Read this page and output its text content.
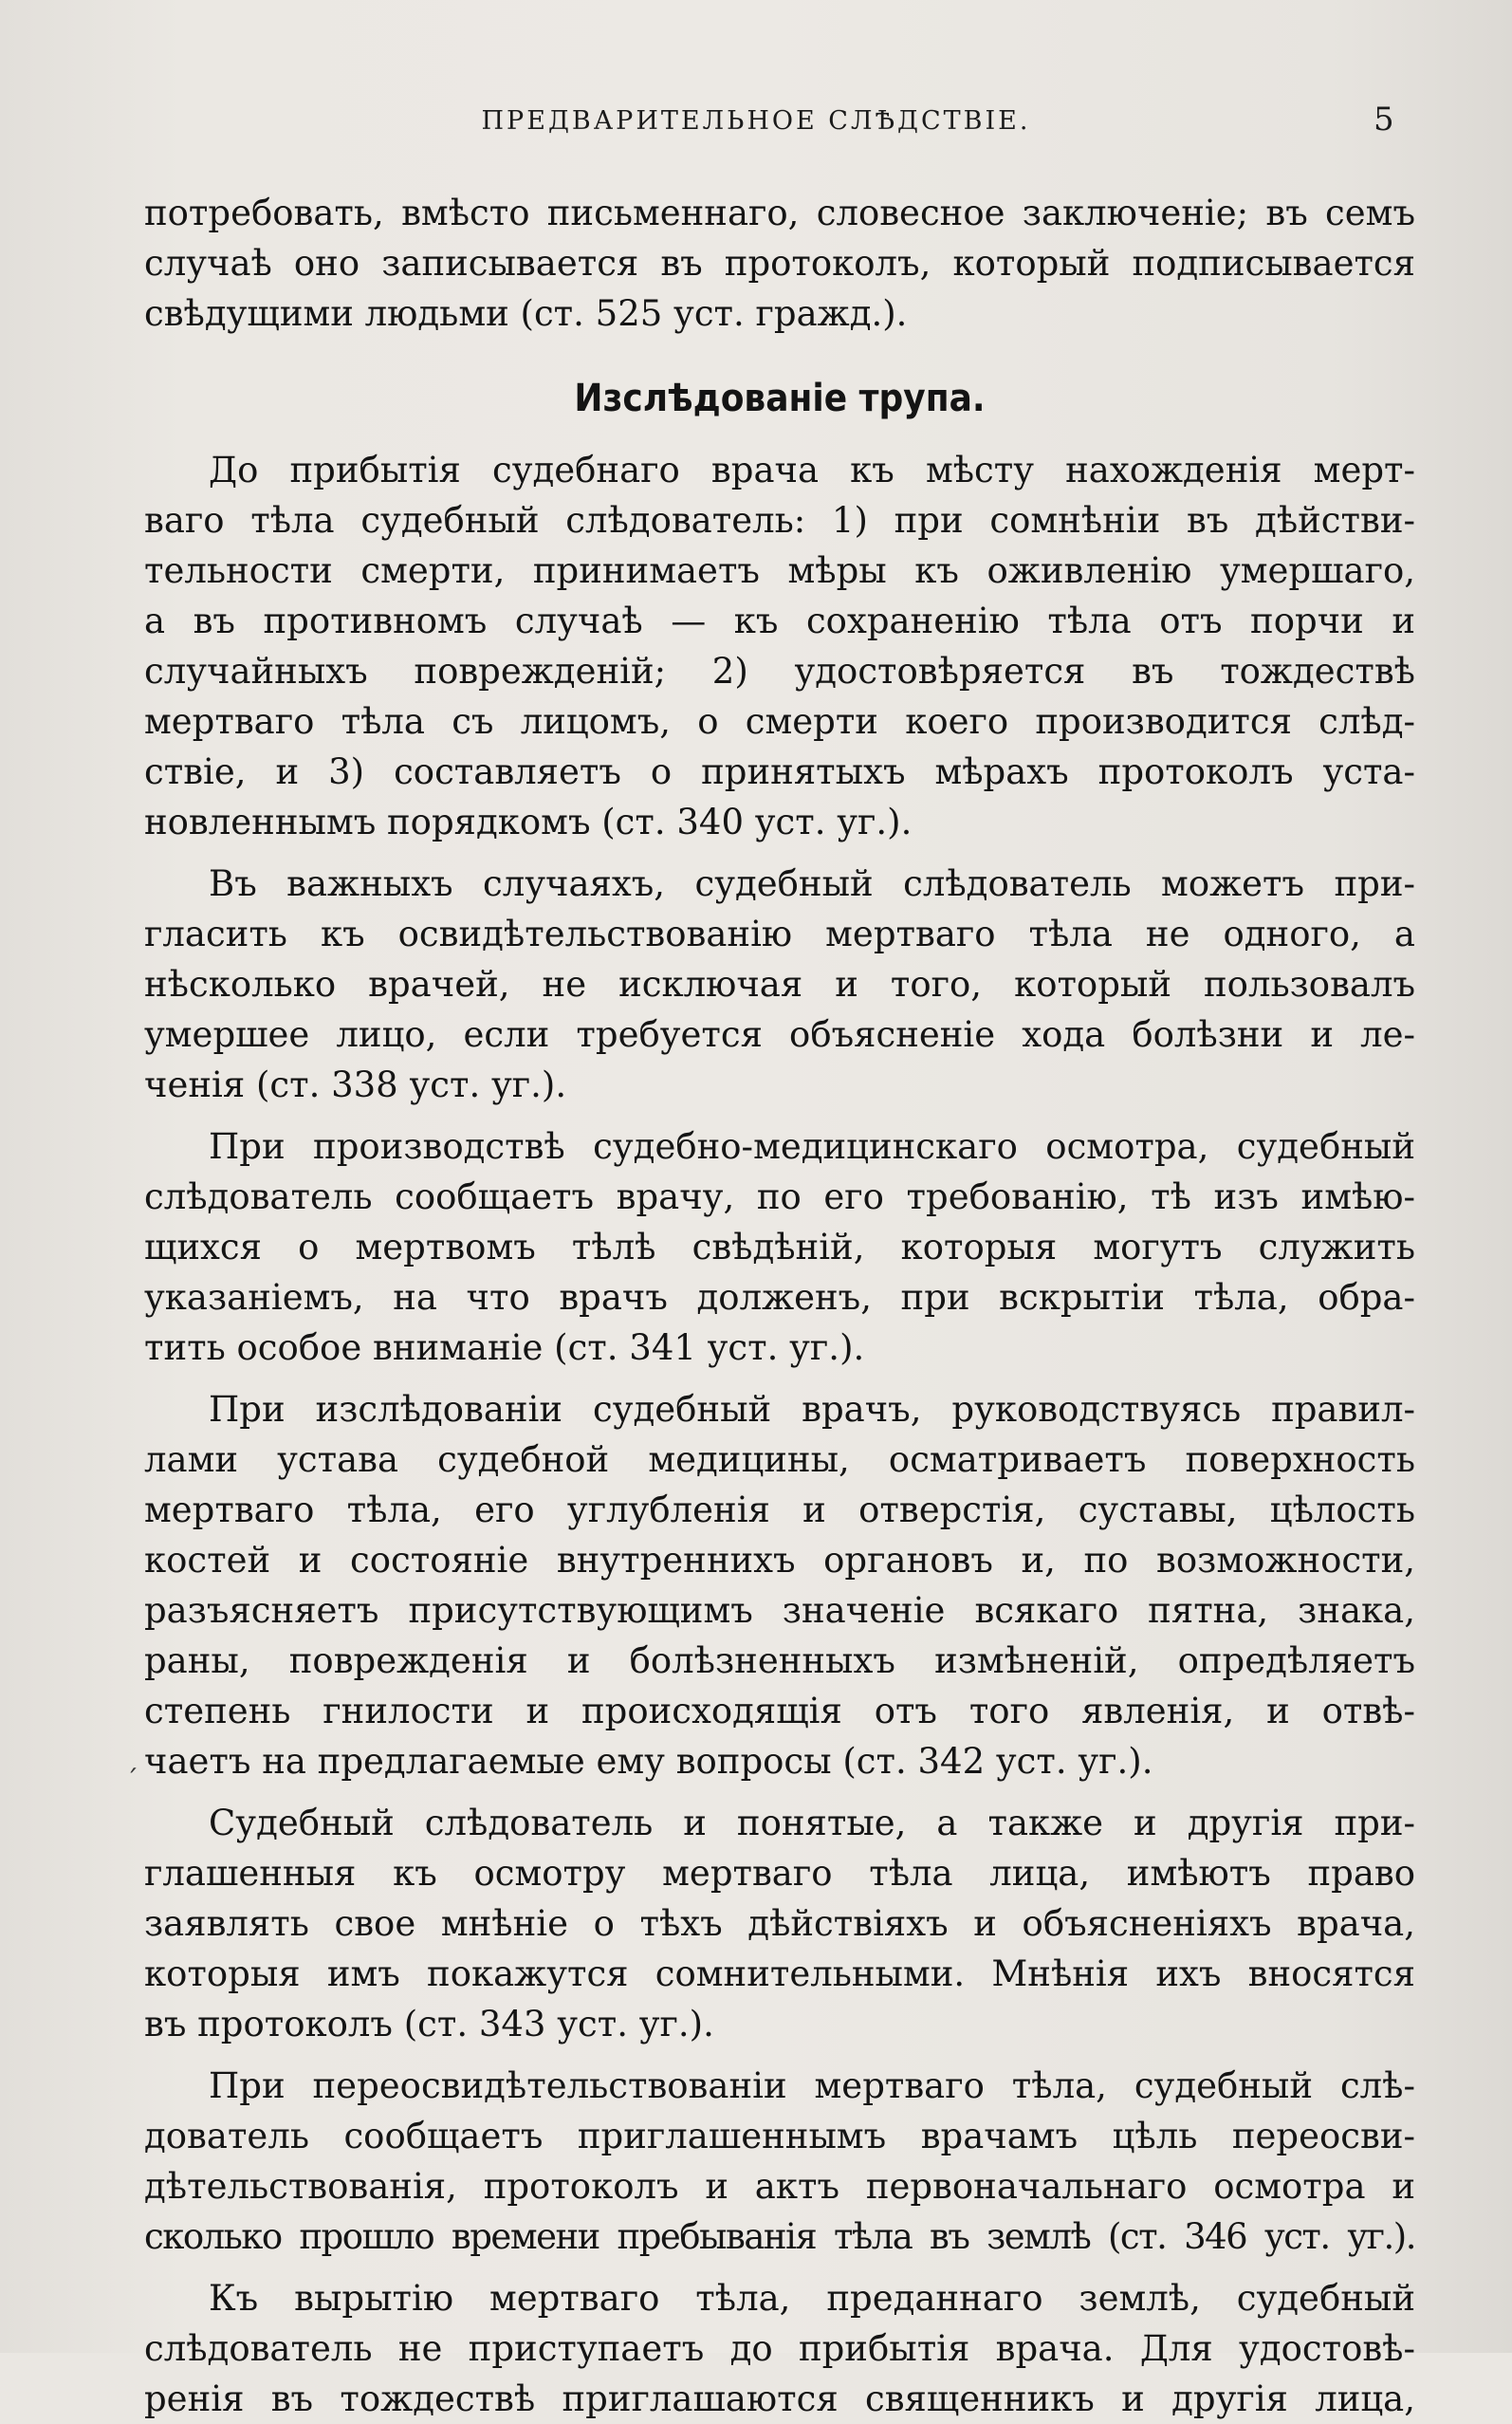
ПРЕДВАРИТЕЛЬНОЕ СЛѢДСТВІЕ.	5
´
потребовать, вмѣсто письменнаго, словесное заключеніе; въ семъ
случаѣ оно записывается въ протоколъ, который подписывается
свѣдущими людьми (ст. 525 уст. гражд.).
Изслѣдованіе трупа.
До прибытія судебнаго врача къ мѣсту нахожденія мерт-
ваго тѣла судебный слѣдователь: 1) при сомнѣніи въ дѣйстви-
тельности смерти, принимаетъ мѣры къ оживленію умершаго,
а въ противномъ случаѣ — къ сохраненію тѣла отъ порчи и
случайныхъ поврежденій; 2) удостовѣряется въ тождествѣ
мертваго тѣла съ лицомъ, о смерти коего производится слѣд-
ствіе, и 3) составляетъ о принятыхъ мѣрахъ протоколъ уста-
новленнымъ порядкомъ (ст. 340 уст. уг.).
Въ важныхъ случаяхъ, судебный слѣдователь можетъ при-
гласить къ освидѣтельствованію мертваго тѣла не одного, а
нѣсколько врачей, не исключая и того, который пользовалъ
умершее лицо, если требуется объясненіе хода болѣзни и ле-
ченія (ст. 338 уст. уг.).
При производствѣ судебно-медицинскаго осмотра, судебный
слѣдователь сообщаетъ врачу, по его требованію, тѣ изъ имѣю-
щихся о мертвомъ тѣлѣ свѣдѣній, которыя могутъ служить
указаніемъ, на что врачъ долженъ, при вскрытіи тѣла, обра-
тить особое вниманіе (ст. 341 уст. уг.).
При изслѣдованіи судебный врачъ, руководствуясь правил-
лами устава судебной медицины, осматриваетъ поверхность
мертваго тѣла, его углубленія и отверстія, суставы, цѣлость
костей и состояніе внутреннихъ органовъ и, по возможности,
разъясняетъ присутствующимъ значеніе всякаго пятна, знака,
раны, поврежденія и болѣзненныхъ измѣненій, опредѣляетъ
степень гнилости и происходящія отъ того явленія, и отвѣ-
чаетъ на предлагаемые ему вопросы (ст. 342 уст. уг.).
Судебный слѣдователь и понятые, а также и другія при-
глашенныя къ осмотру мертваго тѣла лица, имѣютъ право
заявлять свое мнѣніе о тѣхъ дѣйствіяхъ и объясненіяхъ врача,
которыя имъ покажутся сомнительными. Мнѣнія ихъ вносятся
въ протоколъ (ст. 343 уст. уг.).
При переосвидѣтельствованіи мертваго тѣла, судебный слѣ-
дователь сообщаетъ приглашеннымъ врачамъ цѣль переосви-
дѣтельствованія, протоколъ и актъ первоначальнаго осмотра и
сколько прошло времени пребыванія тѣла въ землѣ (ст. 346 уст. уг.).
Къ вырытію мертваго тѣла, преданнаго землѣ, судебный
слѣдователь не приступаетъ до прибытія врача. Для удостовѣ-
ренія въ тождествѣ приглашаются священникъ и другія лица,
